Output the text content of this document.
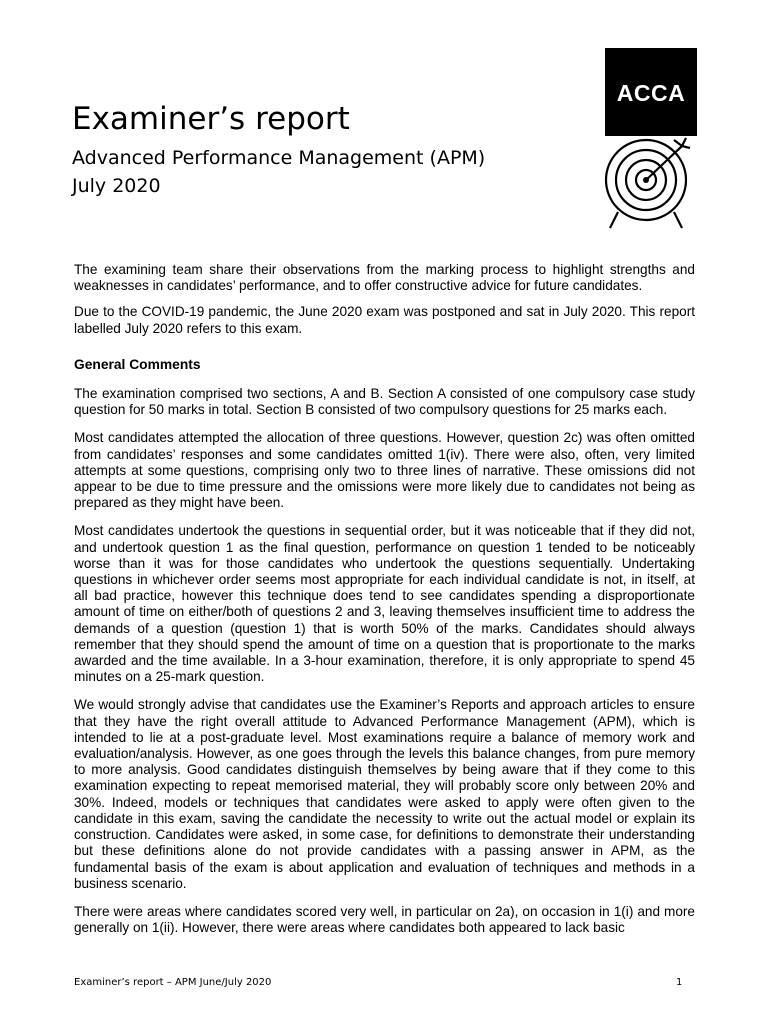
ACCA
Examiner’s report
Advanced Performance Management (APM)
July 2020

The examining team share their observations from the marking process to highlight strengths and weaknesses in candidates’ performance, and to offer constructive advice for future candidates.

Due to the COVID-19 pandemic, the June 2020 exam was postponed and sat in July 2020. This report labelled July 2020 refers to this exam.

General Comments

The examination comprised two sections, A and B. Section A consisted of one compulsory case study question for 50 marks in total. Section B consisted of two compulsory questions for 25 marks each.

Most candidates attempted the allocation of three questions. However, question 2c) was often omitted from candidates’ responses and some candidates omitted 1(iv). There were also, often, very limited attempts at some questions, comprising only two to three lines of narrative. These omissions did not appear to be due to time pressure and the omissions were more likely due to candidates not being as prepared as they might have been.

Most candidates undertook the questions in sequential order, but it was noticeable that if they did not, and undertook question 1 as the final question, performance on question 1 tended to be noticeably worse than it was for those candidates who undertook the questions sequentially. Undertaking questions in whichever order seems most appropriate for each individual candidate is not, in itself, at all bad practice, however this technique does tend to see candidates spending a disproportionate amount of time on either/both of questions 2 and 3, leaving themselves insufficient time to address the demands of a question (question 1) that is worth 50% of the marks. Candidates should always remember that they should spend the amount of time on a question that is proportionate to the marks awarded and the time available. In a 3-hour examination, therefore, it is only appropriate to spend 45 minutes on a 25-mark question.

We would strongly advise that candidates use the Examiner’s Reports and approach articles to ensure that they have the right overall attitude to Advanced Performance Management (APM), which is intended to lie at a post-graduate level. Most examinations require a balance of memory work and evaluation/analysis. However, as one goes through the levels this balance changes, from pure memory to more analysis. Good candidates distinguish themselves by being aware that if they come to this examination expecting to repeat memorised material, they will probably score only between 20% and 30%. Indeed, models or techniques that candidates were asked to apply were often given to the candidate in this exam, saving the candidate the necessity to write out the actual model or explain its construction. Candidates were asked, in some case, for definitions to demonstrate their understanding but these definitions alone do not provide candidates with a passing answer in APM, as the fundamental basis of the exam is about application and evaluation of techniques and methods in a business scenario.

There were areas where candidates scored very well, in particular on 2a), on occasion in 1(i) and more generally on 1(ii). However, there were areas where candidates both appeared to lack basic

Examiner’s report – APM June/July 2020	1
